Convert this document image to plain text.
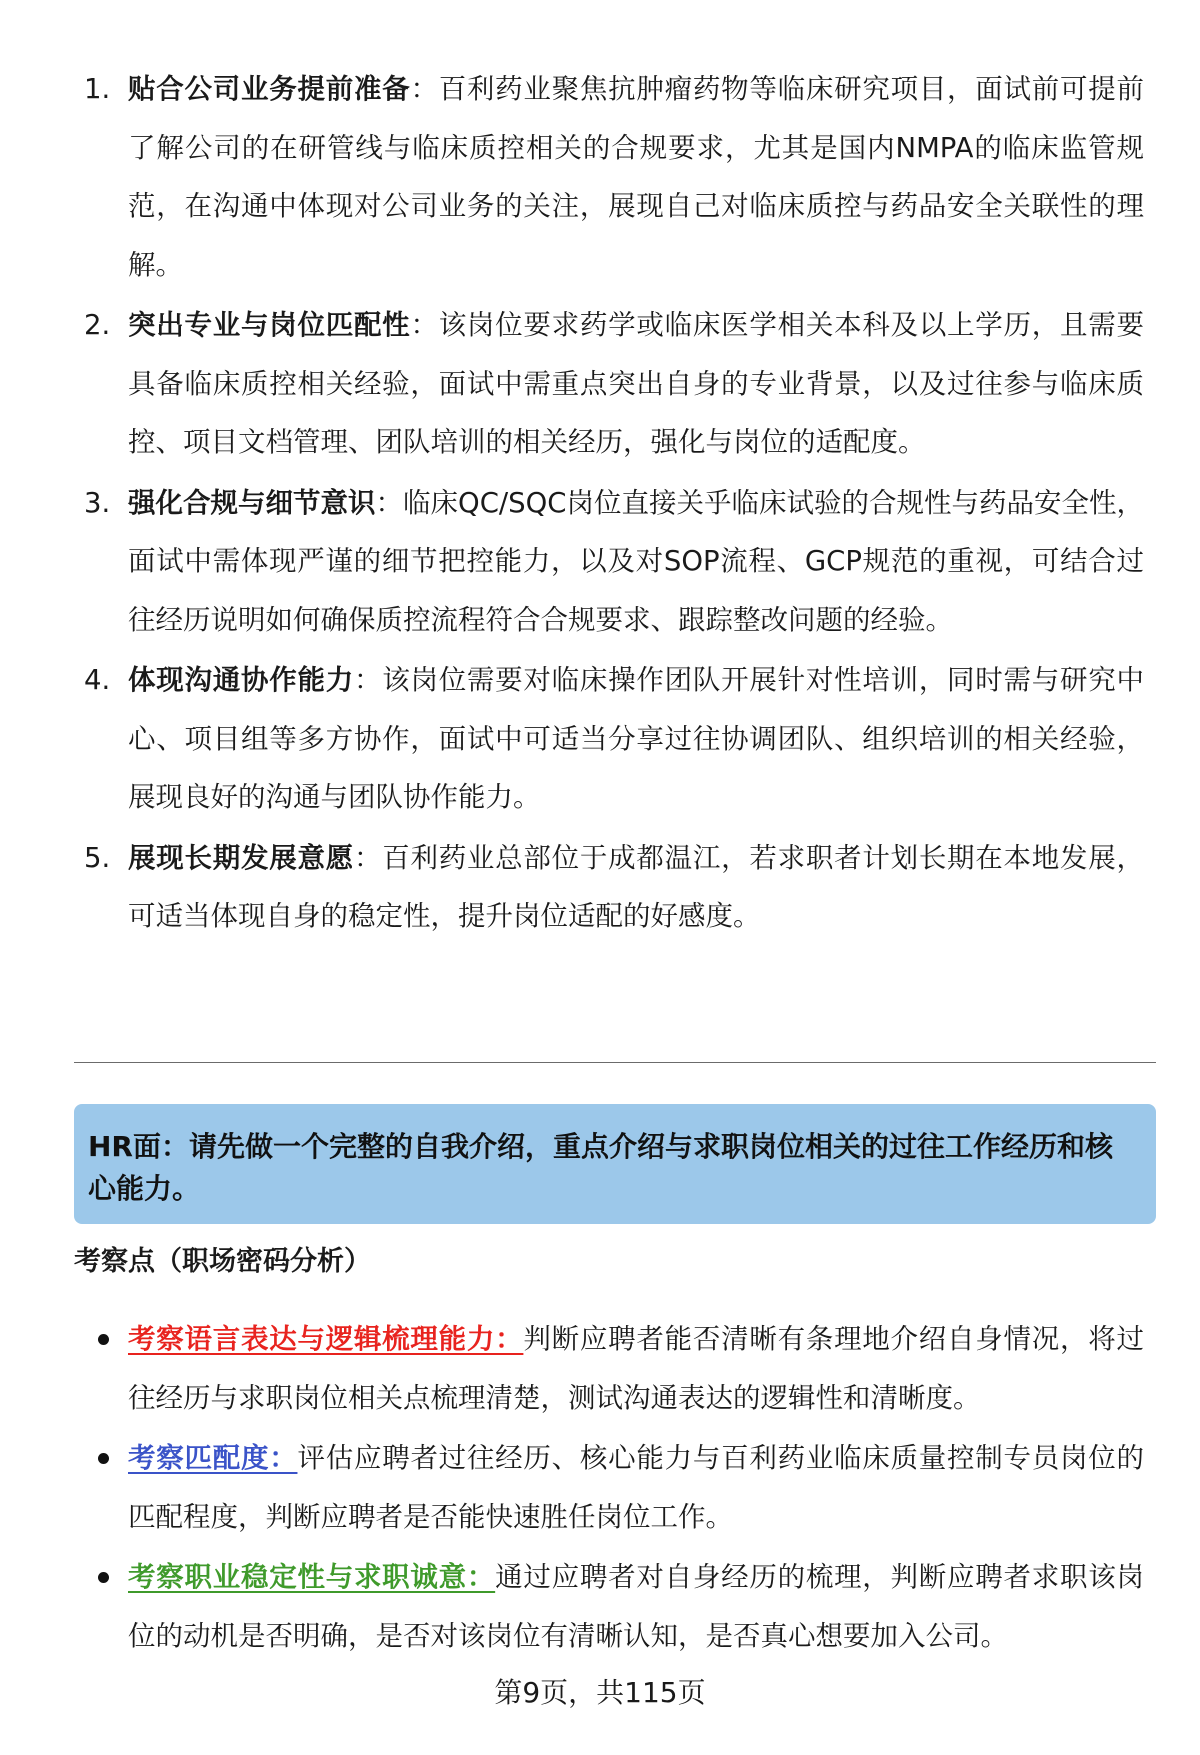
1. 贴合公司业务提前准备：百利药业聚焦抗肿瘤药物等临床研究项目，面试前可提前了解公司的在研管线与临床质控相关的合规要求，尤其是国内NMPA的临床监管规范，在沟通中体现对公司业务的关注，展现自己对临床质控与药品安全关联性的理解。
2. 突出专业与岗位匹配性：该岗位要求药学或临床医学相关本科及以上学历，且需要具备临床质控相关经验，面试中需重点突出自身的专业背景，以及过往参与临床质控、项目文档管理、团队培训的相关经历，强化与岗位的适配度。
3. 强化合规与细节意识：临床QC/SQC岗位直接关乎临床试验的合规性与药品安全性，面试中需体现严谨的细节把控能力，以及对SOP流程、GCP规范的重视，可结合过往经历说明如何确保质控流程符合合规要求、跟踪整改问题的经验。
4. 体现沟通协作能力：该岗位需要对临床操作团队开展针对性培训，同时需与研究中心、项目组等多方协作，面试中可适当分享过往协调团队、组织培训的相关经验，展现良好的沟通与团队协作能力。
5. 展现长期发展意愿：百利药业总部位于成都温江，若求职者计划长期在本地发展，可适当体现自身的稳定性，提升岗位适配的好感度。
HR面：请先做一个完整的自我介绍，重点介绍与求职岗位相关的过往工作经历和核心能力。
考察点（职场密码分析）
考察语言表达与逻辑梳理能力：判断应聘者能否清晰有条理地介绍自身情况，将过往经历与求职岗位相关点梳理清楚，测试沟通表达的逻辑性和清晰度。
考察匹配度：评估应聘者过往经历、核心能力与百利药业临床质量控制专员岗位的匹配程度，判断应聘者是否能快速胜任岗位工作。
考察职业稳定性与求职诚意：通过应聘者对自身经历的梳理，判断应聘者求职该岗位的动机是否明确，是否对该岗位有清晰认知，是否真心想要加入公司。
第9页，共115页
